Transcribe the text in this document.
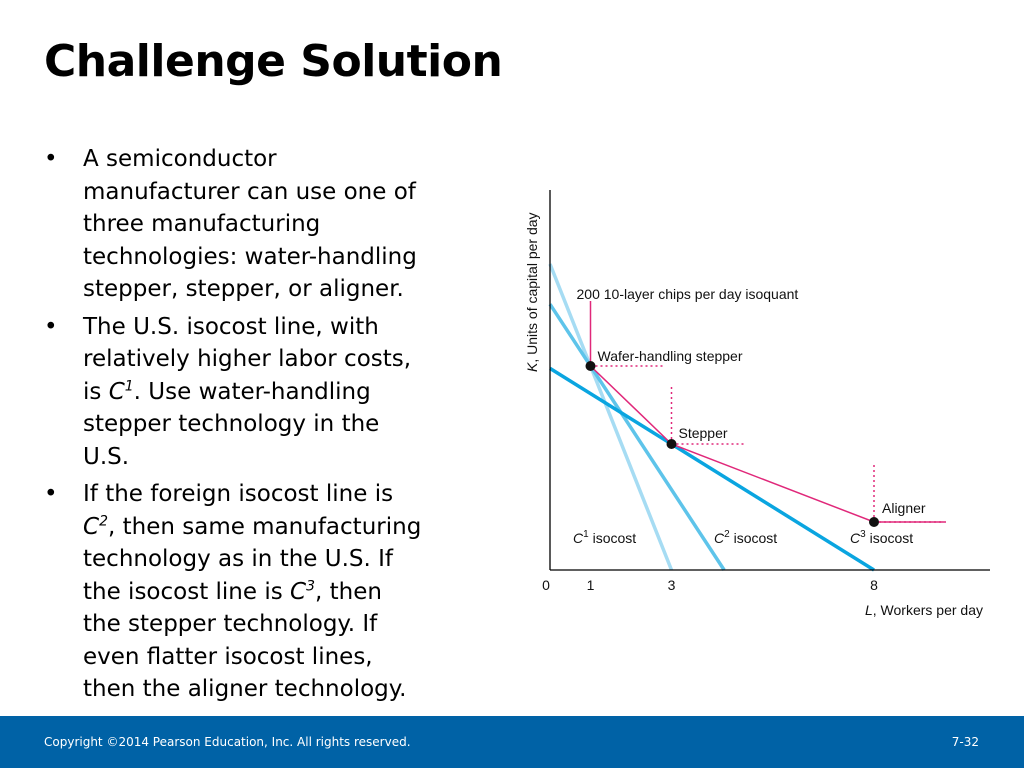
Challenge Solution
• A semiconductor
manufacturer can use one of
three manufacturing
technologies: water-handling
stepper, stepper, or aligner.

• The U.S. isocost line, with
relatively higher labor costs,
is $C^1$. Use water-handling
stepper technology in the
U.S.

• If the foreign isocost line is
$C^2$, then same manufacturing
technology as in the U.S. If
the isocost line is $C^3$, then
the stepper technology. If
even flatter isocost lines,
then the aligner technology.

$C^1$ isocost	$C^2$ isocost	$C^3$ isocost
Wafer-handling stepper
Stepper
Aligner
200 10-layer chips per day isoquant
0	1	3	8
L, Workers per day
K, Units of capital per day
Copyright ©2014 Pearson Education, Inc. All rights reserved.	7-32
